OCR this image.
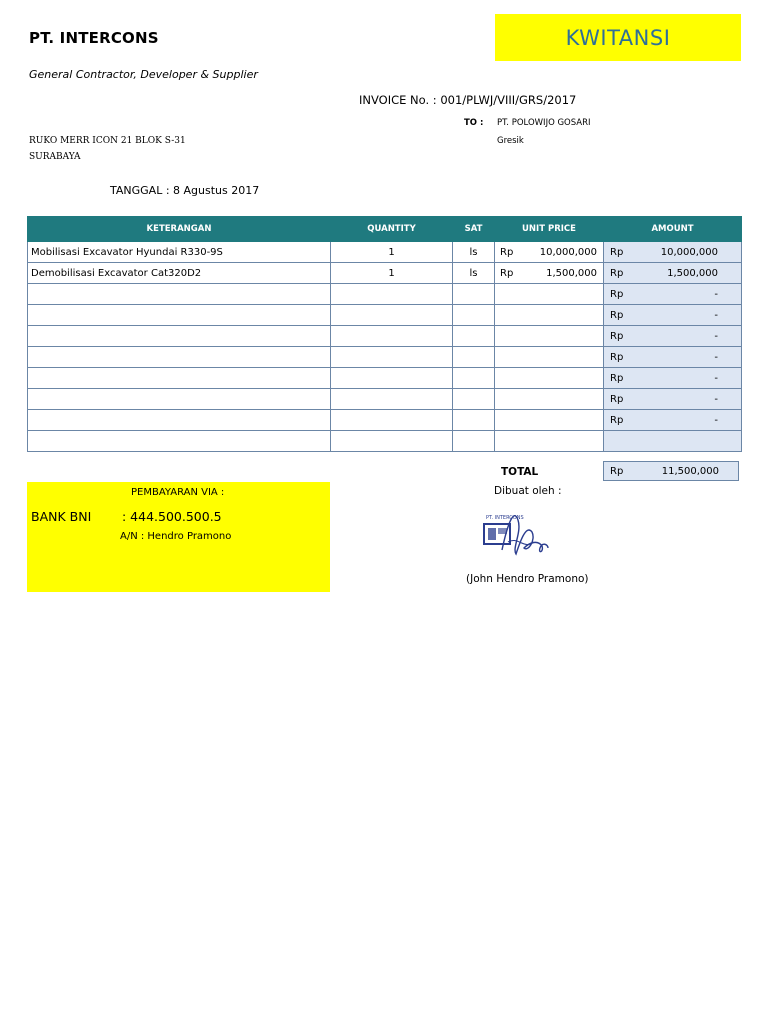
PT. INTERCONS	KWITANSI
General Contractor, Developer & Supplier
INVOICE No. : 001/PLWJ/VIII/GRS/2017
TO : PT. POLOWIJO GOSARI
Gresik
RUKO MERR ICON 21 BLOK S-31
SURABAYA
TANGGAL : 8 Agustus 2017
KETERANGAN	QUANTITY	SAT	UNIT PRICE	AMOUNT
Mobilisasi Excavator Hyundai R330-9S	1	ls	Rp 10,000,000	Rp 10,000,000

Demobilisasi Excavator Cat320D2	1	ls	Rp 1,500,000	Rp 1,500,000

				Rp -

				Rp -

				Rp -

				Rp -

				Rp -

				Rp -

				Rp -

TOTAL	Rp	11,500,000
PEMBAYARAN VIA :
BANK BNI : 444.500.500.5
A/N : Hendro Pramono
Dibuat oleh :
PT. INTERCONS
(John Hendro Pramono)
